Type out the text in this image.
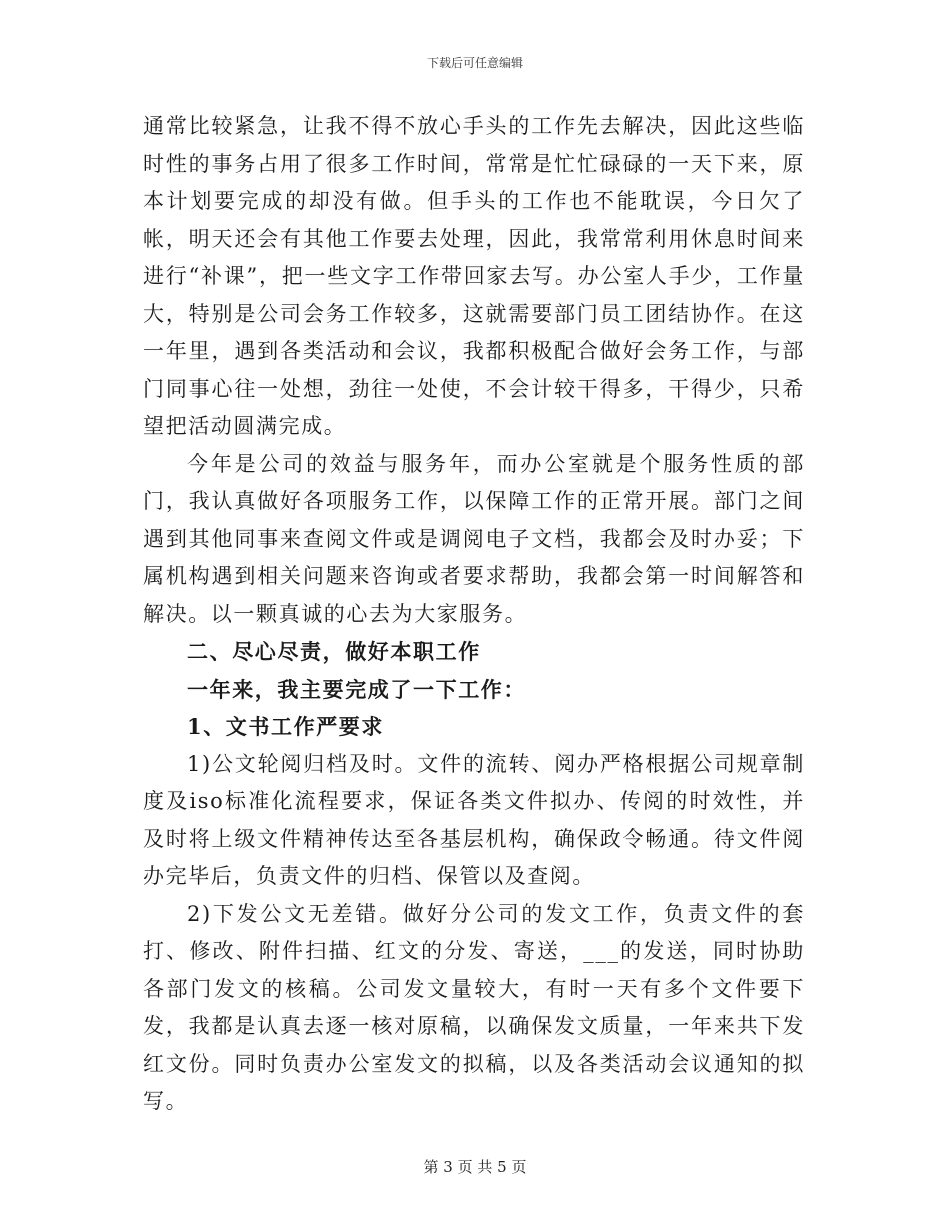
下载后可任意编辑

通常比较紧急，让我不得不放心手头的工作先去解决，因此这些临时性的事务占用了很多工作时间，常常是忙忙碌碌的一天下来，原本计划要完成的却没有做。但手头的工作也不能耽误，今日欠了帐，明天还会有其他工作要去处理，因此，我常常利用休息时间来进行“补课”，把一些文字工作带回家去写。办公室人手少，工作量大，特别是公司会务工作较多，这就需要部门员工团结协作。在这一年里，遇到各类活动和会议，我都积极配合做好会务工作，与部门同事心往一处想，劲往一处使，不会计较干得多，干得少，只希望把活动圆满完成。

今年是公司的效益与服务年，而办公室就是个服务性质的部门，我认真做好各项服务工作，以保障工作的正常开展。部门之间遇到其他同事来查阅文件或是调阅电子文档，我都会及时办妥；下属机构遇到相关问题来咨询或者要求帮助，我都会第一时间解答和解决。以一颗真诚的心去为大家服务。

二、尽心尽责，做好本职工作

一年来，我主要完成了一下工作：

1、文书工作严要求

1)公文轮阅归档及时。文件的流转、阅办严格根据公司规章制度及iso标准化流程要求，保证各类文件拟办、传阅的时效性，并及时将上级文件精神传达至各基层机构，确保政令畅通。待文件阅办完毕后，负责文件的归档、保管以及查阅。

2)下发公文无差错。做好分公司的发文工作，负责文件的套打、修改、附件扫描、红文的分发、寄送，___的发送，同时协助各部门发文的核稿。公司发文量较大，有时一天有多个文件要下发，我都是认真去逐一核对原稿，以确保发文质量，一年来共下发红文份。同时负责办公室发文的拟稿，以及各类活动会议通知的拟写。

第 3 页 共 5 页
